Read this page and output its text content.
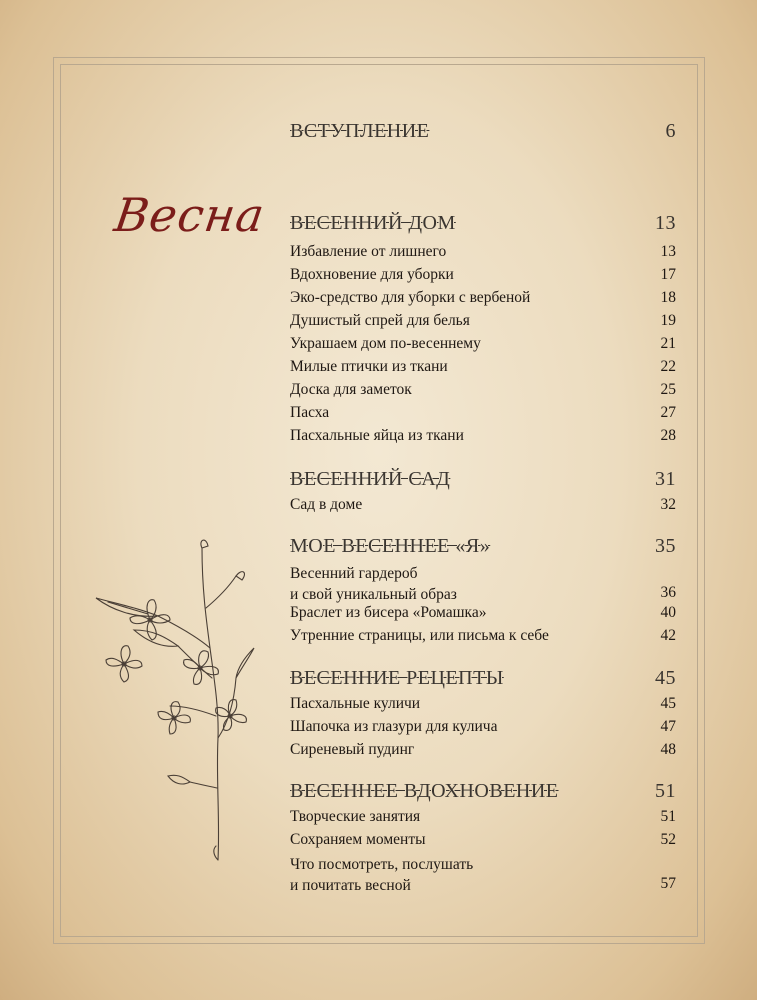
Весна
ВСТУПЛЕНИЕ	6
ВЕСЕННИЙ ДОМ	13
Избавление от лишнего	13
Вдохновение для уборки	17
Эко-средство для уборки с вербеной	18
Душистый спрей для белья	19
Украшаем дом по-весеннему	21
Милые птички из ткани	22
Доска для заметок	25
Пасха	27
Пасхальные яйца из ткани	28
ВЕСЕННИЙ САД	31
Сад в доме	32
МОЕ ВЕСЕННЕЕ «Я»	35
Весенний гардероб
и свой уникальный образ	36
Браслет из бисера «Ромашка»	40
Утренние страницы, или письма к себе	42
ВЕСЕННИЕ РЕЦЕПТЫ	45
Пасхальные куличи	45
Шапочка из глазури для кулича	47
Сиреневый пудинг	48
ВЕСЕННЕЕ ВДОХНОВЕНИЕ	51
Творческие занятия	51
Сохраняем моменты	52
Что посмотреть, послушать
и почитать весной	57
